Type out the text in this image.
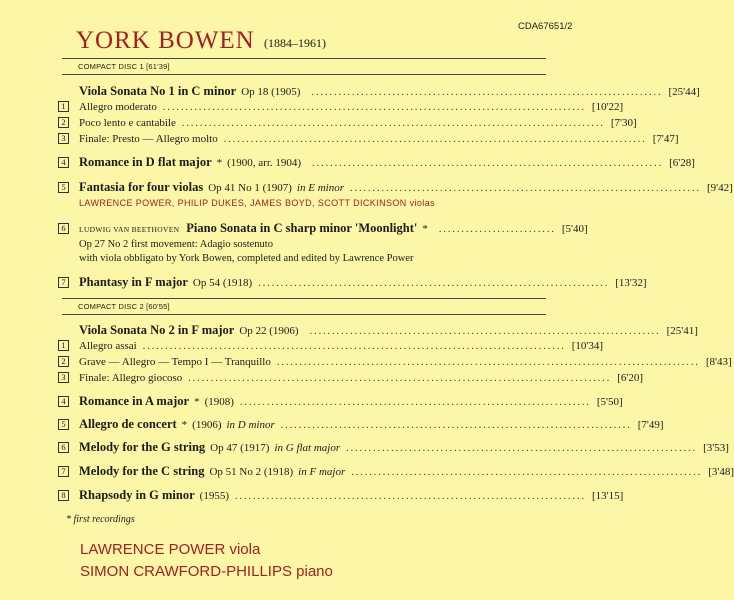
YORK BOWEN (1884–1961)
CDA67651/2
COMPACT DISC 1 [61'39]
Viola Sonata No 1 in C minor Op 18 (1905) .............................................................................. [25'44]
1	Allegro moderato .............................................................................................. [10'22]
2	Poco lento e cantabile .............................................................................................. [7'30]
3	Finale: Presto — Allegro molto .............................................................................................. [7'47]
4 Romance in D flat major * (1900, arr. 1904) .............................................................................. [6'28]
5 Fantasia for four violas Op 41 No 1 (1907) in E minor .............................................................................. [9'42]
LAWRENCE POWER, PHILIP DUKES, JAMES BOYD, SCOTT DICKINSON violas
6	LUDWIG VAN BEETHOVEN Piano Sonata in C sharp minor 'Moonlight' * .......................... [5'40]
Op 27 No 2 first movement: Adagio sostenuto
with viola obbligato by York Bowen, completed and edited by Lawrence Power
7 Phantasy in F major Op 54 (1918) .............................................................................. [13'32]
COMPACT DISC 2 [60'55]
Viola Sonata No 2 in F major Op 22 (1906) .............................................................................. [25'41]
1	Allegro assai .............................................................................................. [10'34]
2	Grave — Allegro — Tempo I — Tranquillo .............................................................................................. [8'43]
3	Finale: Allegro giocoso .............................................................................................. [6'20]
4 Romance in A major * (1908) .............................................................................. [5'50]
5 Allegro de concert * (1906) in D minor .............................................................................. [7'49]
6 Melody for the G string Op 47 (1917) in G flat major .............................................................................. [3'53]
7 Melody for the C string Op 51 No 2 (1918) in F major .............................................................................. [3'48]
8 Rhapsody in G minor (1955) .............................................................................. [13'15]
* first recordings
LAWRENCE POWER viola
SIMON CRAWFORD-PHILLIPS piano
